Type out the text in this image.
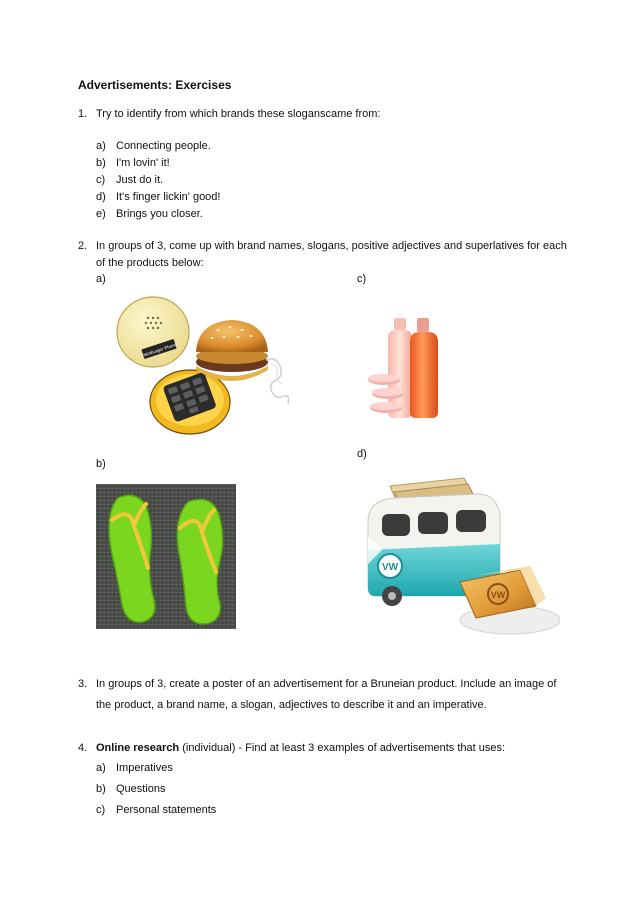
Advertisements: Exercises
1. Try to identify from which brands these sloganscame from:
a) Connecting people.
b) I'm lovin' it!
c) Just do it.
d) It's finger lickin' good!
e) Brings you closer.
2. In groups of 3, come up with brand names, slogans, positive adjectives and superlatives for each
of the products below:
a)	c)
d)
b)
Hamburger Phone
VW
VW
3. In groups of 3, create a poster of an advertisement for a Bruneian product. Include an image of
the product, a brand name, a slogan, adjectives to describe it and an imperative.
4. Online research (individual) - Find at least 3 examples of advertisements that uses:
a) Imperatives
b) Questions
c) Personal statements
